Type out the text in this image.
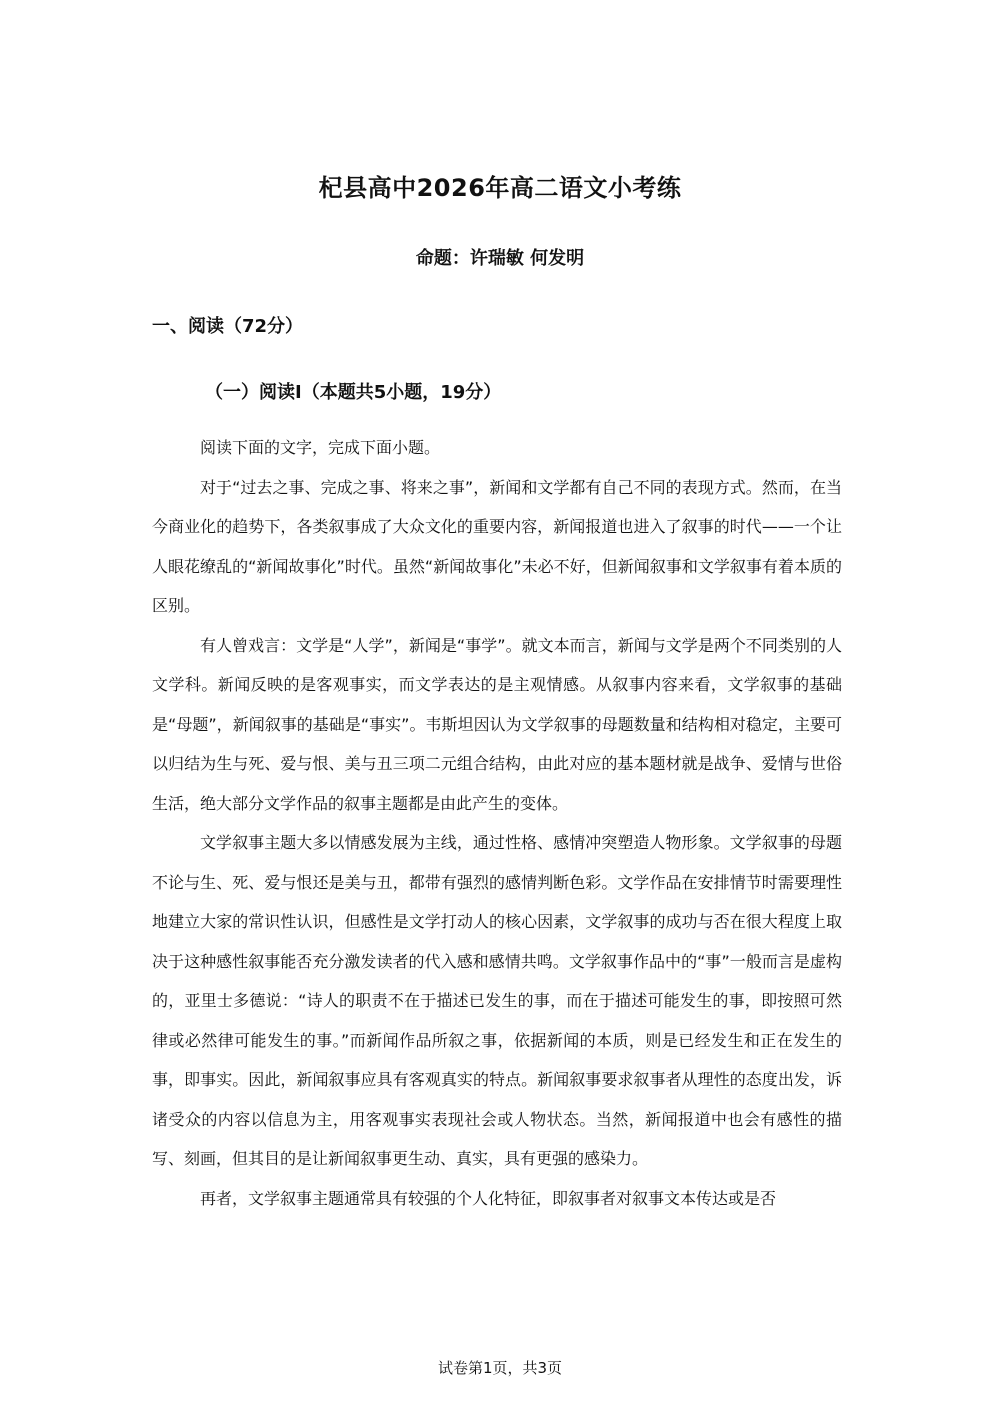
杞县高中2026年高二语文小考练
命题：许瑞敏 何发明
一、阅读（72分）
（一）阅读I（本题共5小题，19分）

阅读下面的文字，完成下面小题。

对于“过去之事、完成之事、将来之事”，新闻和文学都有自己不同的表现方式。然而，在当今商业化的趋势下，各类叙事成了大众文化的重要内容，新闻报道也进入了叙事的时代——一个让人眼花缭乱的“新闻故事化”时代。虽然“新闻故事化”未必不好，但新闻叙事和文学叙事有着本质的区别。

有人曾戏言：文学是“人学”，新闻是“事学”。就文本而言，新闻与文学是两个不同类别的人文学科。新闻反映的是客观事实，而文学表达的是主观情感。从叙事内容来看，文学叙事的基础是“母题”，新闻叙事的基础是“事实”。韦斯坦因认为文学叙事的母题数量和结构相对稳定，主要可以归结为生与死、爱与恨、美与丑三项二元组合结构，由此对应的基本题材就是战争、爱情与世俗生活，绝大部分文学作品的叙事主题都是由此产生的变体。

文学叙事主题大多以情感发展为主线，通过性格、感情冲突塑造人物形象。文学叙事的母题不论与生、死、爱与恨还是美与丑，都带有强烈的感情判断色彩。文学作品在安排情节时需要理性地建立大家的常识性认识，但感性是文学打动人的核心因素，文学叙事的成功与否在很大程度上取决于这种感性叙事能否充分激发读者的代入感和感情共鸣。文学叙事作品中的“事”一般而言是虚构的，亚里士多德说：“诗人的职责不在于描述已发生的事，而在于描述可能发生的事，即按照可然律或必然律可能发生的事。”而新闻作品所叙之事，依据新闻的本质，则是已经发生和正在发生的事，即事实。因此，新闻叙事应具有客观真实的特点。新闻叙事要求叙事者从理性的态度出发，诉诸受众的内容以信息为主，用客观事实表现社会或人物状态。当然，新闻报道中也会有感性的描写、刻画，但其目的是让新闻叙事更生动、真实，具有更强的感染力。

再者，文学叙事主题通常具有较强的个人化特征，即叙事者对叙事文本传达或是否

试卷第1页，共3页
